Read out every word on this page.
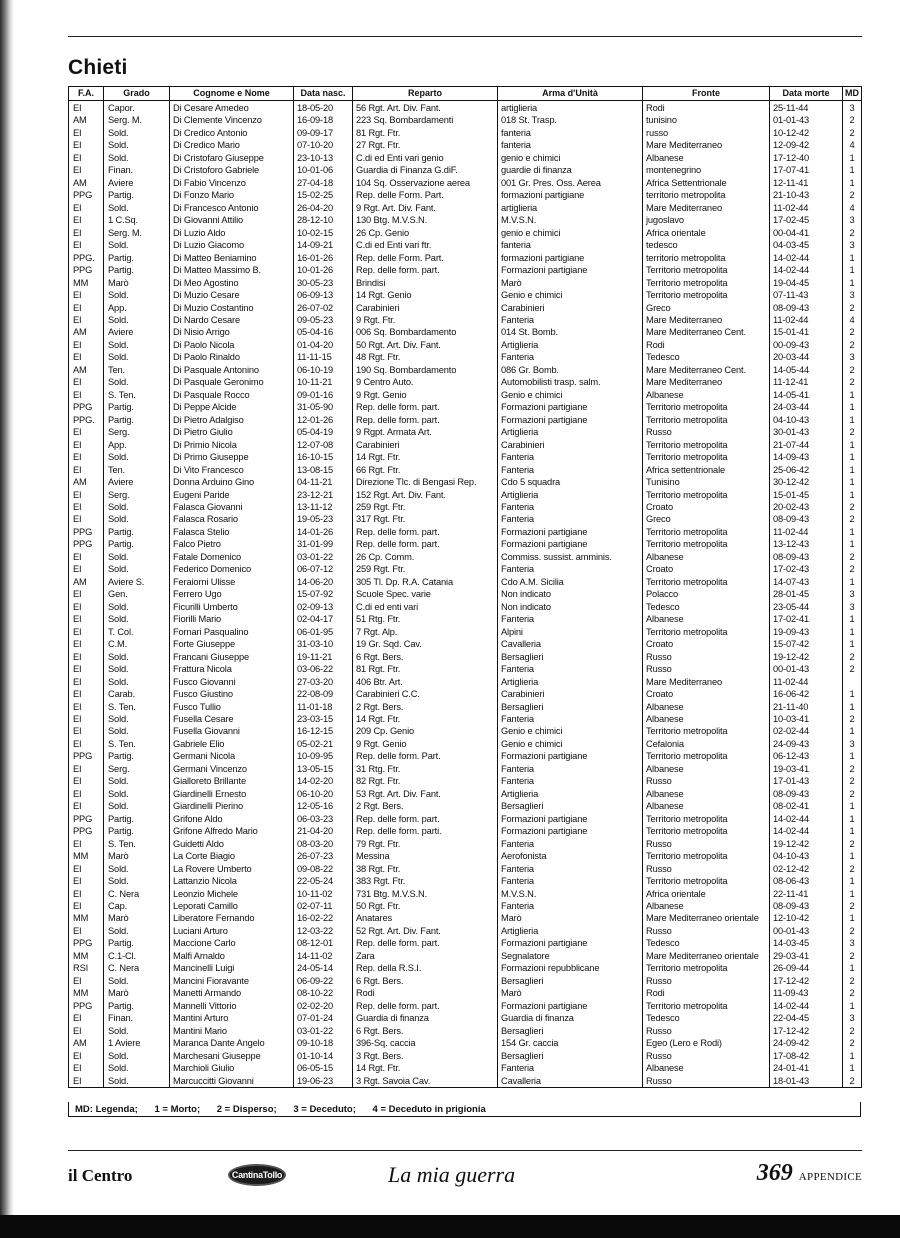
Chieti
F.A.	Grado	Cognome e Nome	Data nasc.	Reparto	Arma d'Unità	Fronte	Data morte	MD
EI	Capor.	Di Cesare Amedeo	18-05-20	56 Rgt. Art. Div. Fant.	artiglieria	Rodi	25-11-44	3
AM	Serg. M.	Di Clemente Vincenzo	16-09-18	223 Sq. Bombardamenti	018 St. Trasp.	tunisino	01-01-43	2
EI	Sold.	Di Credico Antonio	09-09-17	81 Rgt. Ftr.	fanteria	russo	10-12-42	2
EI	Sold.	Di Credico Mario	07-10-20	27 Rgt. Ftr.	fanteria	Mare Mediterraneo	12-09-42	4
EI	Sold.	Di Cristofaro Giuseppe	23-10-13	C.di ed Enti vari genio	genio e chimici	Albanese	17-12-40	1
EI	Finan.	Di Cristoforo Gabriele	10-01-06	Guardia di Finanza G.diF.	guardie di finanza	montenegrino	17-07-41	1
AM	Aviere	Di Fabio Vincenzo	27-04-18	104 Sq. Osservazione aerea	001 Gr. Pres. Oss. Aerea	Africa Settentrionale	12-11-41	1
PPG	Partig.	Di Fonzo Mario	15-02-25	Rep. delle Form. Part.	formazioni partigiane	territorio metropolita	21-10-43	2
EI	Sold.	Di Francesco Antonio	26-04-20	9 Rgt. Art. Div. Fant.	artiglieria	Mare Mediterraneo	11-02-44	4
EI	1 C.Sq.	Di Giovanni Attilio	28-12-10	130 Btg. M.V.S.N.	M.V.S.N.	jugoslavo	17-02-45	3
EI	Serg. M.	Di Luzio Aldo	10-02-15	26 Cp. Genio	genio e chimici	Africa orientale	00-04-41	2
EI	Sold.	Di Luzio Giacomo	14-09-21	C.di ed Enti vari ftr.	fanteria	tedesco	04-03-45	3
PPG.	Partig.	Di Matteo Beniamino	16-01-26	Rep. delle Form. Part.	formazioni partigiane	territorio metropolita	14-02-44	1
PPG	Partig.	Di Matteo Massimo B.	10-01-26	Rep. delle form. part.	Formazioni partigiane	Territorio metropolita	14-02-44	1
MM	Marò	Di Meo Agostino	30-05-23	Brindisi	Marò	Territorio metropolita	19-04-45	1
EI	Sold.	Di Muzio Cesare	06-09-13	14 Rgt. Genio	Genio e chimici	Territorio metropolita	07-11-43	3
EI	App.	Di Muzio Costantino	26-07-02	Carabinieri	Carabinieri	Greco	08-09-43	2
EI	Sold.	Di Nardo Cesare	09-05-23	9 Rgt. Ftr.	Fanteria	Mare Mediterraneo	11-02-44	4
AM	Aviere	Di Nisio Arrigo	05-04-16	006 Sq. Bombardamento	014 St. Bomb.	Mare Mediterraneo Cent.	15-01-41	2
EI	Sold.	Di Paolo Nicola	01-04-20	50 Rgt. Art. Div. Fant.	Artiglieria	Rodi	00-09-43	2
EI	Sold.	Di Paolo Rinaldo	11-11-15	48 Rgt. Ftr.	Fanteria	Tedesco	20-03-44	3
AM	Ten.	Di Pasquale Antonino	06-10-19	190 Sq. Bombardamento	086 Gr. Bomb.	Mare Mediterraneo Cent.	14-05-44	2
EI	Sold.	Di Pasquale Geronimo	10-11-21	9 Centro Auto.	Automobilisti trasp. salm.	Mare Mediterraneo	11-12-41	2
EI	S. Ten.	Di Pasquale Rocco	09-01-16	9 Rgt. Genio	Genio e chimici	Albanese	14-05-41	1
PPG	Partig.	Di Peppe Alcide	31-05-90	Rep. delle form. part.	Formazioni partigiane	Territorio metropolita	24-03-44	1
PPG.	Partig.	Di Pietro Adalgiso	12-01-26	Rep. delle form. part.	Formazioni partigiane	Territorio metropolita	04-10-43	1
EI	Serg.	Di Pietro Giulio	05-04-19	9 Rgpt. Armata Art.	Artiglieria	Russo	30-01-43	2
EI	App.	Di Primio Nicola	12-07-08	Carabinieri	Carabinieri	Territorio metropolita	21-07-44	1
EI	Sold.	Di Primo Giuseppe	16-10-15	14 Rgt. Ftr.	Fanteria	Territorio metropolita	14-09-43	1
EI	Ten.	Di Vito Francesco	13-08-15	66 Rgt. Ftr.	Fanteria	Africa settentrionale	25-06-42	1
AM	Aviere	Donna Arduino Gino	04-11-21	Direzione Tlc. di Bengasi Rep.	Cdo 5 squadra	Tunisino	30-12-42	1
EI	Serg.	Eugeni Paride	23-12-21	152 Rgt. Art. Div. Fant.	Artiglieria	Territorio metropolita	15-01-45	1
EI	Sold.	Falasca Giovanni	13-11-12	259 Rgt. Ftr.	Fanteria	Croato	20-02-43	2
EI	Sold.	Falasca Rosario	19-05-23	317 Rgt. Ftr.	Fanteria	Greco	08-09-43	2
PPG	Partig.	Falasca Stelio	14-01-26	Rep. delle form. part.	Formazioni partigiane	Territorio metropolita	11-02-44	1
PPG	Partig.	Falco Pietro	31-01-99	Rep. delle form. part.	Formazioni partigiane	Territorio metropolita	13-12-43	1
EI	Sold.	Fatale Domenico	03-01-22	26 Cp. Comm.	Commiss. sussist. amminis.	Albanese	08-09-43	2
EI	Sold.	Federico Domenico	06-07-12	259 Rgt. Ftr.	Fanteria	Croato	17-02-43	2
AM	Aviere S.	Feraiorni Ulisse	14-06-20	305 Tl. Dp. R.A. Catania	Cdo A.M. Sicilia	Territorio metropolita	14-07-43	1
EI	Gen.	Ferrero Ugo	15-07-92	Scuole Spec. varie	Non indicato	Polacco	28-01-45	3
EI	Sold.	Ficurilli Umberto	02-09-13	C.di ed enti vari	Non indicato	Tedesco	23-05-44	3
EI	Sold.	Fiorilli Mario	02-04-17	51 Rtg. Ftr.	Fanteria	Albanese	17-02-41	1
EI	T. Col.	Fornari Pasqualino	06-01-95	7 Rgt. Alp.	Alpini	Territorio metropolita	19-09-43	1
EI	C.M.	Forte Giuseppe	31-03-10	19 Gr. Sqd. Cav.	Cavalleria	Croato	15-07-42	1
EI	Sold.	Francani Giuseppe	19-11-21	6 Rgt. Bers.	Bersaglieri	Russo	19-12-42	2
EI	Sold.	Frattura Nicola	03-06-22	81 Rgt. Ftr.	Fanteria	Russo	00-01-43	2
EI	Sold.	Fusco Giovanni	27-03-20	406 Btr. Art.	Artiglieria	Mare Mediterraneo	11-02-44	
EI	Carab.	Fusco Giustino	22-08-09	Carabinieri C.C.	Carabinieri	Croato	16-06-42	1
EI	S. Ten.	Fusco Tullio	11-01-18	2 Rgt. Bers.	Bersaglieri	Albanese	21-11-40	1
EI	Sold.	Fusella Cesare	23-03-15	14 Rgt. Ftr.	Fanteria	Albanese	10-03-41	2
EI	Sold.	Fusella Giovanni	16-12-15	209 Cp. Genio	Genio e chimici	Territorio metropolita	02-02-44	1
EI	S. Ten.	Gabriele Elio	05-02-21	9 Rgt. Genio	Genio e chimici	Cefalonia	24-09-43	3
PPG	Partig.	Germani Nicola	10-09-95	Rep. delle form. Part.	Formazioni partigiane	Territorio metropolita	06-12-43	1
EI	Serg.	Germani Vincenzo	13-05-15	31 Rtg. Ftr.	Fanteria	Albanese	19-03-41	2
EI	Sold.	Gialloreto Brillante	14-02-20	82 Rgt. Ftr.	Fanteria	Russo	17-01-43	2
EI	Sold.	Giardinelli Ernesto	06-10-20	53 Rgt. Art. Div. Fant.	Artiglieria	Albanese	08-09-43	2
EI	Sold.	Giardinelli Pierino	12-05-16	2 Rgt. Bers.	Bersaglieri	Albanese	08-02-41	1
PPG	Partig.	Grifone Aldo	06-03-23	Rep. delle form. part.	Formazioni partigiane	Territorio metropolita	14-02-44	1
PPG	Partig.	Grifone Alfredo Mario	21-04-20	Rep. delle form. parti.	Formazioni partigiane	Territorio metropolita	14-02-44	1
EI	S. Ten.	Guidetti Aldo	08-03-20	79 Rgt. Ftr.	Fanteria	Russo	19-12-42	2
MM	Marò	La Corte Biagio	26-07-23	Messina	Aerofonista	Territorio metropolita	04-10-43	1
EI	Sold.	La Rovere Umberto	09-08-22	38 Rgt. Ftr.	Fanteria	Russo	02-12-42	2
EI	Sold.	Lattanzio Nicola	22-05-24	383 Rgt. Ftr.	Fanteria	Territorio metropolita	08-06-43	1
EI	C. Nera	Leonzio Michele	10-11-02	731 Btg. M.V.S.N.	M.V.S.N.	Africa orientale	22-11-41	1
EI	Cap.	Leporati Camillo	02-07-11	50 Rgt. Ftr.	Fanteria	Albanese	08-09-43	2
MM	Marò	Liberatore Fernando	16-02-22	Anatares	Marò	Mare Mediterraneo orientale	12-10-42	1
EI	Sold.	Luciani Arturo	12-03-22	52 Rgt. Art. Div. Fant.	Artiglieria	Russo	00-01-43	2
PPG	Partig.	Maccione Carlo	08-12-01	Rep. delle form. part.	Formazioni partigiane	Tedesco	14-03-45	3
MM	C.1-Cl.	Malfi Arnaldo	14-11-02	Zara	Segnalatore	Mare Mediterraneo orientale	29-03-41	2
RSI	C. Nera	Mancinelli Luigi	24-05-14	Rep. della R.S.I.	Formazioni repubblicane	Territorio metropolita	26-09-44	1
EI	Sold.	Mancini Fioravante	06-09-22	6 Rgt. Bers.	Bersaglieri	Russo	17-12-42	2
MM	Marò	Manetti Armando	08-10-22	Rodi	Marò	Rodi	11-09-43	2
PPG	Partig.	Mannelli Vittorio	02-02-20	Rep. delle form. part.	Formazioni partigiane	Territorio metropolita	14-02-44	1
EI	Finan.	Mantini Arturo	07-01-24	Guardia di finanza	Guardia di finanza	Tedesco	22-04-45	3
EI	Sold.	Mantini Mario	03-01-22	6 Rgt. Bers.	Bersaglieri	Russo	17-12-42	2
AM	1 Aviere	Maranca Dante Angelo	09-10-18	396-Sq. caccia	154 Gr. caccia	Egeo (Lero e Rodi)	24-09-42	2
EI	Sold.	Marchesani Giuseppe	01-10-14	3 Rgt. Bers.	Bersaglieri	Russo	17-08-42	1
EI	Sold.	Marchioli Giulio	06-05-15	14 Rgt. Ftr.	Fanteria	Albanese	24-01-41	1
EI	Sold.	Marcuccitti Giovanni	19-06-23	3 Rgt. Savoia Cav.	Cavalleria	Russo	18-01-43	2
MD: Legenda; 1 = Morto; 2 = Disperso; 3 = Deceduto; 4 = Deceduto in prigionia
il Centro	CantinaTollo	La mia guerra	369 APPENDICE
